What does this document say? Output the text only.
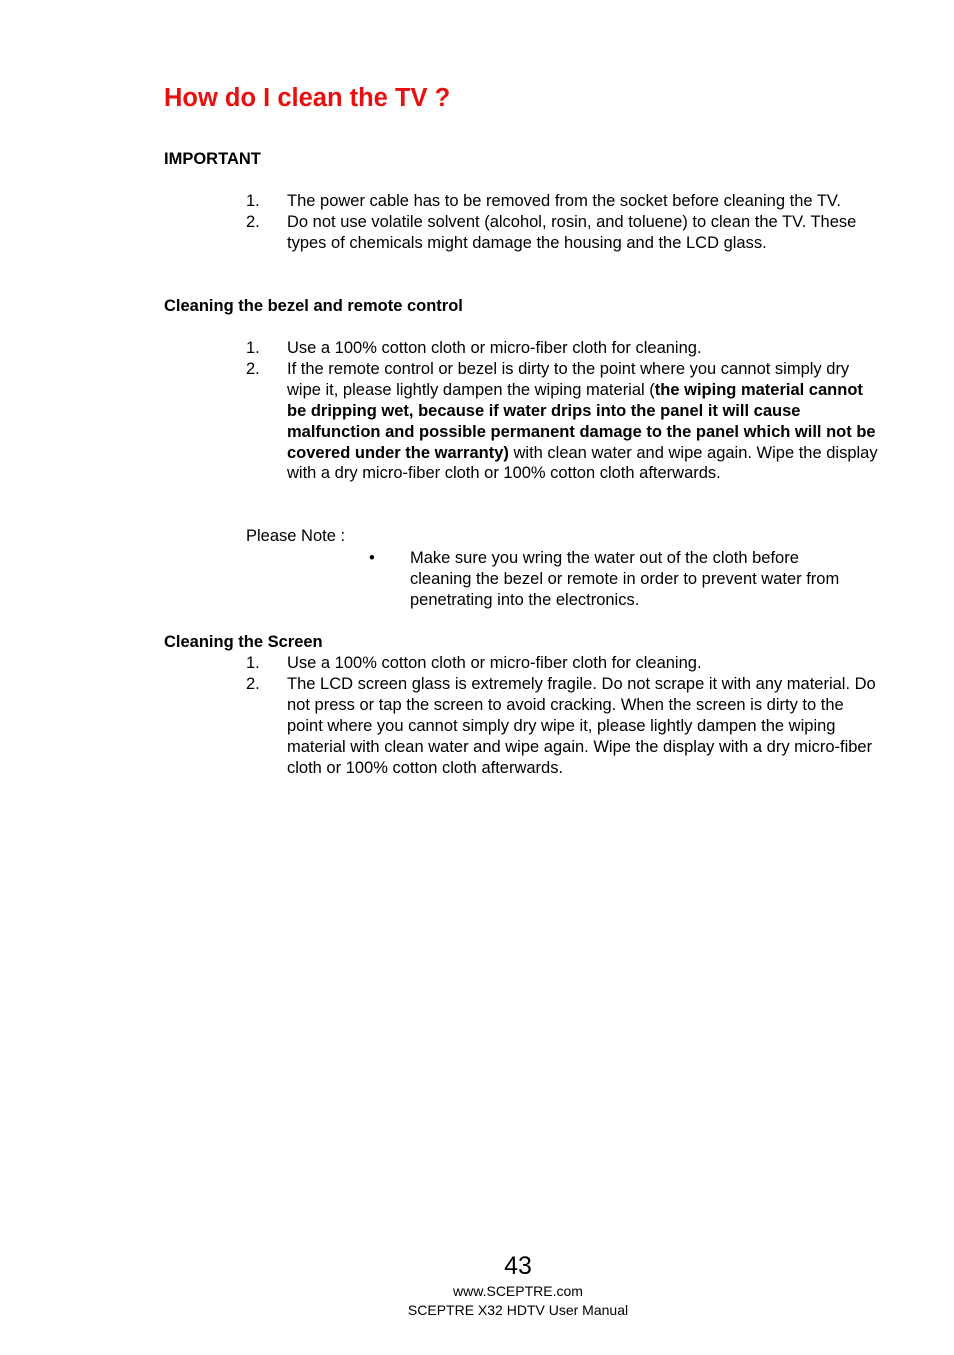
How do I clean the TV ?
IMPORTANT
1. The power cable has to be removed from the socket before cleaning the TV.
2. Do not use volatile solvent (alcohol, rosin, and toluene) to clean the TV. These types of chemicals might damage the housing and the LCD glass.
Cleaning the bezel and remote control
1. Use a 100% cotton cloth or micro-fiber cloth for cleaning.
2. If the remote control or bezel is dirty to the point where you cannot simply dry wipe it, please lightly dampen the wiping material (the wiping material cannot be dripping wet, because if water drips into the panel it will cause malfunction and possible permanent damage to the panel which will not be covered under the warranty) with clean water and wipe again. Wipe the display with a dry micro-fiber cloth or 100% cotton cloth afterwards.
Please Note :
• Make sure you wring the water out of the cloth before cleaning the bezel or remote in order to prevent water from penetrating into the electronics.
Cleaning the Screen
1. Use a 100% cotton cloth or micro-fiber cloth for cleaning.
2. The LCD screen glass is extremely fragile. Do not scrape it with any material. Do not press or tap the screen to avoid cracking. When the screen is dirty to the point where you cannot simply dry wipe it, please lightly dampen the wiping material with clean water and wipe again. Wipe the display with a dry micro-fiber cloth or 100% cotton cloth afterwards.
43
www.SCEPTRE.com
SCEPTRE X32 HDTV User Manual
